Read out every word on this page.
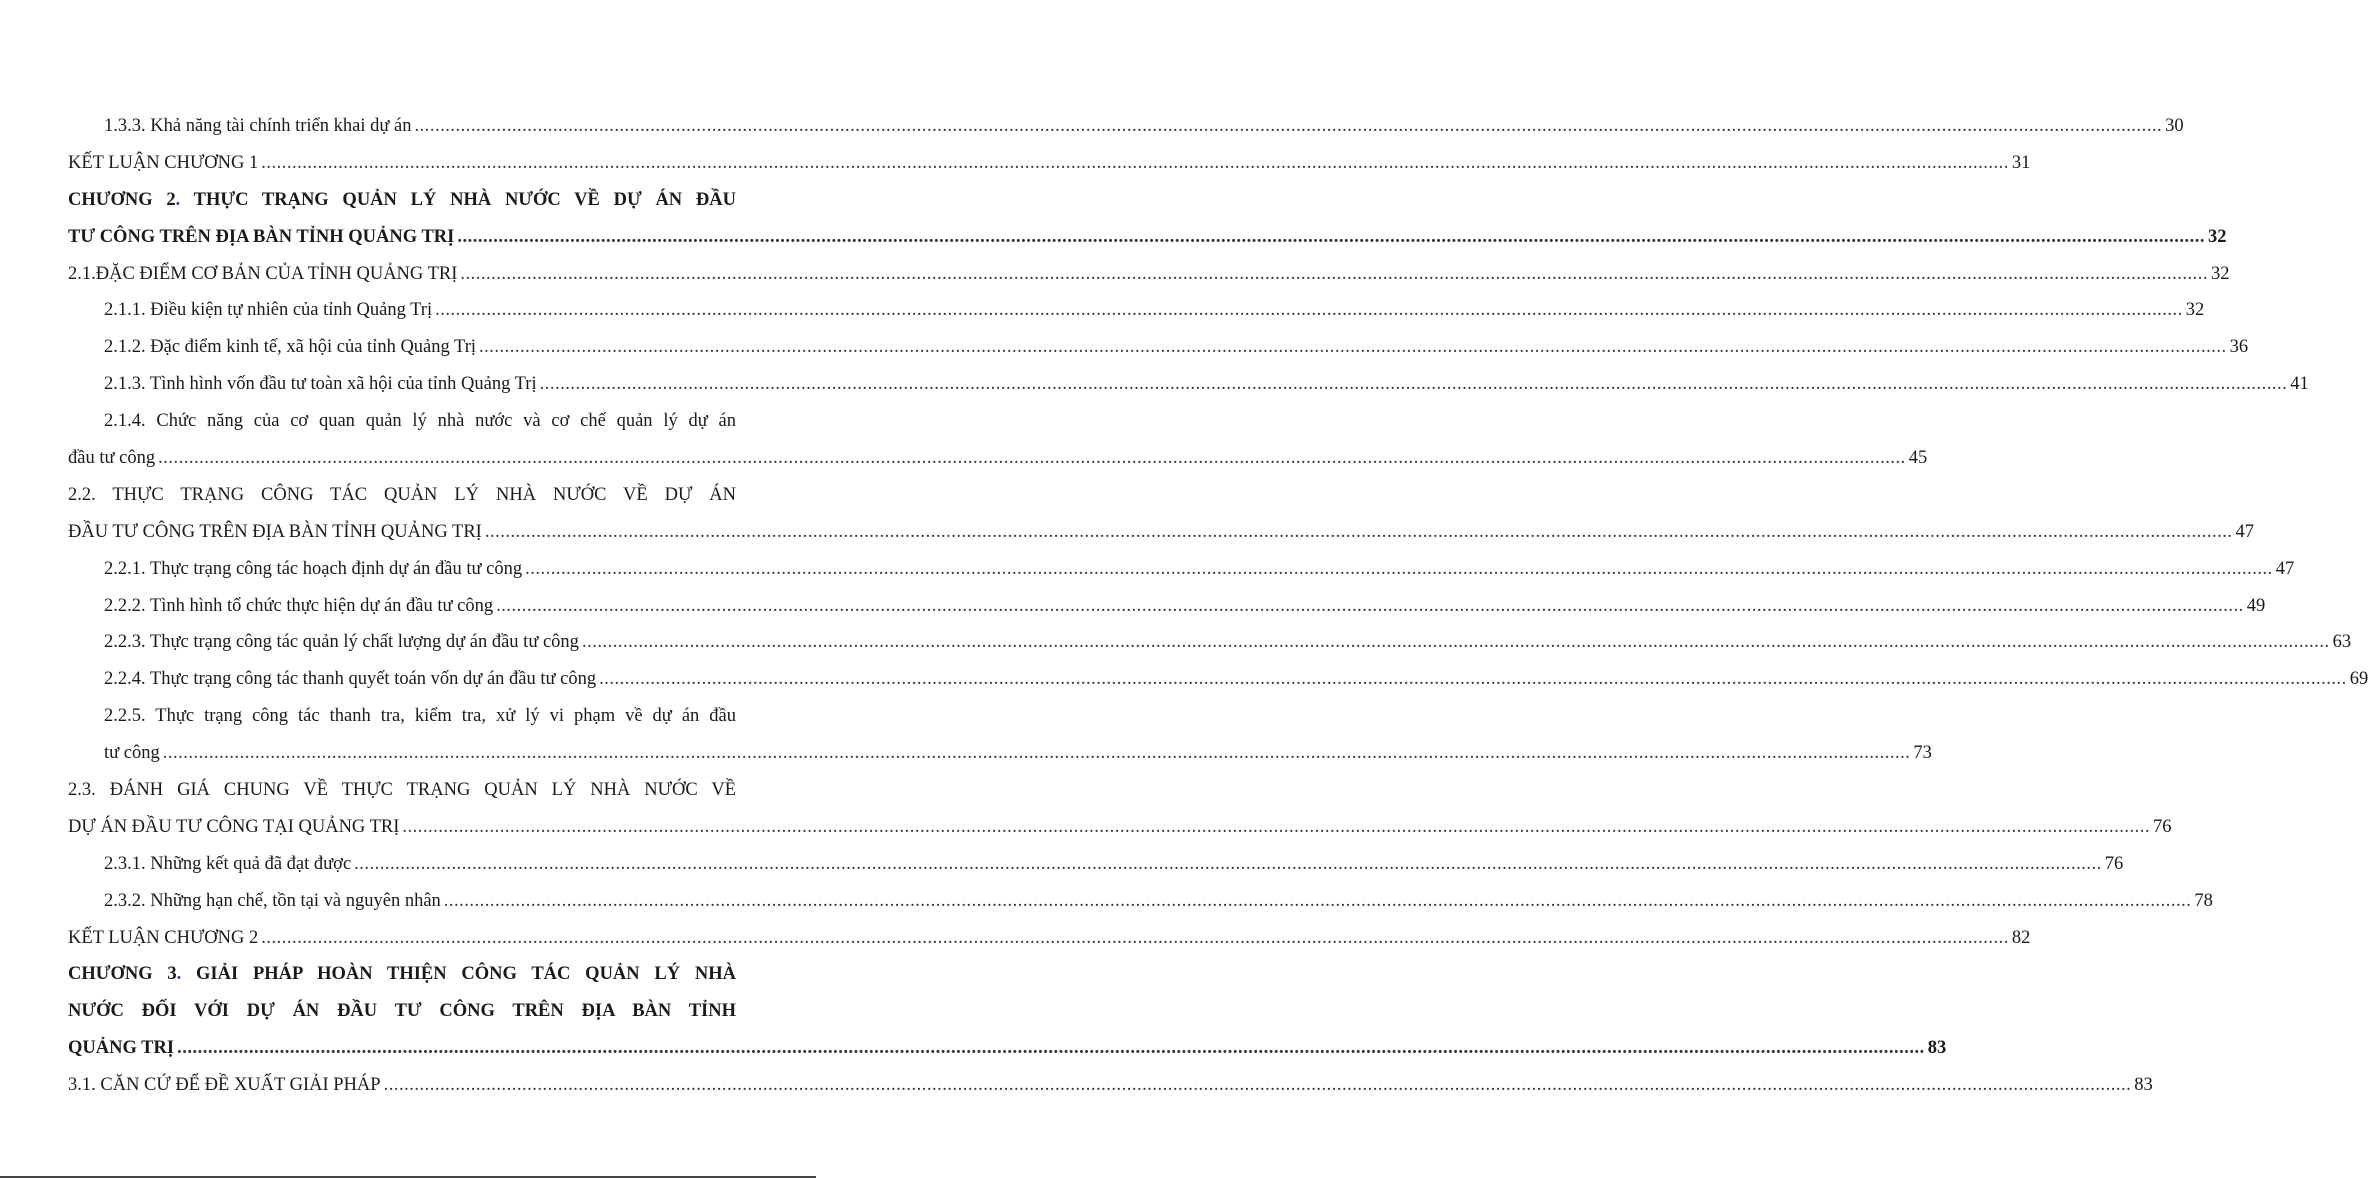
1.3.3. Khả năng tài chính triển khai dự án .....	30
KẾT LUẬN CHƯƠNG 1 .....	31
CHƯƠNG 2. THỰC TRẠNG QUẢN LÝ NHÀ NƯỚC VỀ DỰ ÁN ĐẦU
TƯ CÔNG TRÊN ĐỊA BÀN TỈNH QUẢNG TRỊ .....	32
2.1. ĐẶC ĐIỂM CƠ BẢN CỦA TỈNH QUẢNG TRỊ .....	32
2.1.1. Điều kiện tự nhiên của tỉnh Quảng Trị .....	32
2.1.2. Đặc điểm kinh tế, xã hội của tỉnh Quảng Trị .....	36
2.1.3. Tình hình vốn đầu tư toàn xã hội của tỉnh Quảng Trị .....	41
2.1.4. Chức năng của cơ quan quản lý nhà nước và cơ chế quản lý dự án
đầu tư công .....	45
2.2. THỰC TRẠNG CÔNG TÁC QUẢN LÝ NHÀ NƯỚC VỀ DỰ ÁN
ĐẦU TƯ CÔNG TRÊN ĐỊA BÀN TỈNH QUẢNG TRỊ .....	47
2.2.1. Thực trạng công tác hoạch định dự án đầu tư công .....	47
2.2.2. Tình hình tổ chức thực hiện dự án đầu tư công .....	49
2.2.3. Thực trạng công tác quản lý chất lượng dự án đầu tư công .....	63
2.2.4. Thực trạng công tác thanh quyết toán vốn dự án đầu tư công .....	69
2.2.5. Thực trạng công tác thanh tra, kiểm tra, xử lý vi phạm về dự án đầu
tư công .....	73
2.3. ĐÁNH GIÁ CHUNG VỀ THỰC TRẠNG QUẢN LÝ NHÀ NƯỚC VỀ
DỰ ÁN ĐẦU TƯ CÔNG TẠI QUẢNG TRỊ .....	76
2.3.1. Những kết quả đã đạt được .....	76
2.3.2. Những hạn chế, tồn tại và nguyên nhân .....	78
KẾT LUẬN CHƯƠNG 2 .....	82
CHƯƠNG 3. GIẢI PHÁP HOÀN THIỆN CÔNG TÁC QUẢN LÝ NHÀ
NƯỚC ĐỐI VỚI DỰ ÁN ĐẦU TƯ CÔNG TRÊN ĐỊA BÀN TỈNH
QUẢNG TRỊ .....	83
3.1. CĂN CỨ ĐỂ ĐỀ XUẤT GIẢI PHÁP .....	83
